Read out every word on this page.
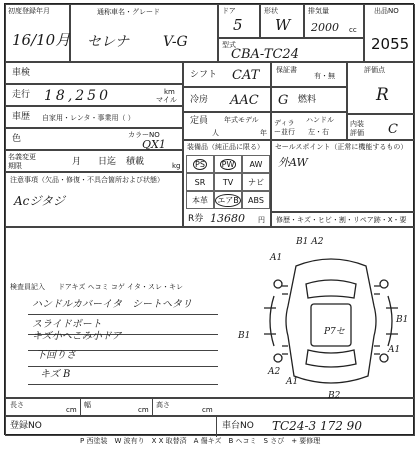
初度登録年月
16/10月
通称車名・グレード
セレナ V-G
ドア
5
形状
W
排気量
2000 cc
型式
CBA-TC24
出品NO
2055
車検
走行 18,250	km
マイル
車歴 自家用・レンタ・事業用（ ）
色	カラーNO
QX1
名義変更期限	月 日迄 積載	kg
シフト CAT
冷房 AAC
定員
人
年式モデル
年
保証書
有・無
燃料
G
ディラー並行
ハンドル
左・右
評価点
R
内装評価	C
装備品（純正品に限る）
PS PW AW
SR TV ナビ
本革 エアB ABS
R券 13680 円
セールスポイント（正常に機能するもの）
外AW
修歴・キズ・ヒビ・割・リペア跡・X・要
注意事項（欠品・修復・不具合箇所および状態）
Acジタジ
検査員記入 ドアキズ ヘコミ コゲ イタ・スレ・キレ
ハンドルカバーイタ　シートヘタリ
スライドポート
キズ小へこみ小ドア
下回りさ
キズ B
B1 A2
A1
B1	P7セ
B1
A2
A1
B2
A1
長さ
cm
幅
cm
高さ
cm
登録NO	車台NO TC24-3 172 90
P 西塗装　W 波有り　X X 取替済　A 傷キズ　B ヘコミ　S さび　+ 要修理
